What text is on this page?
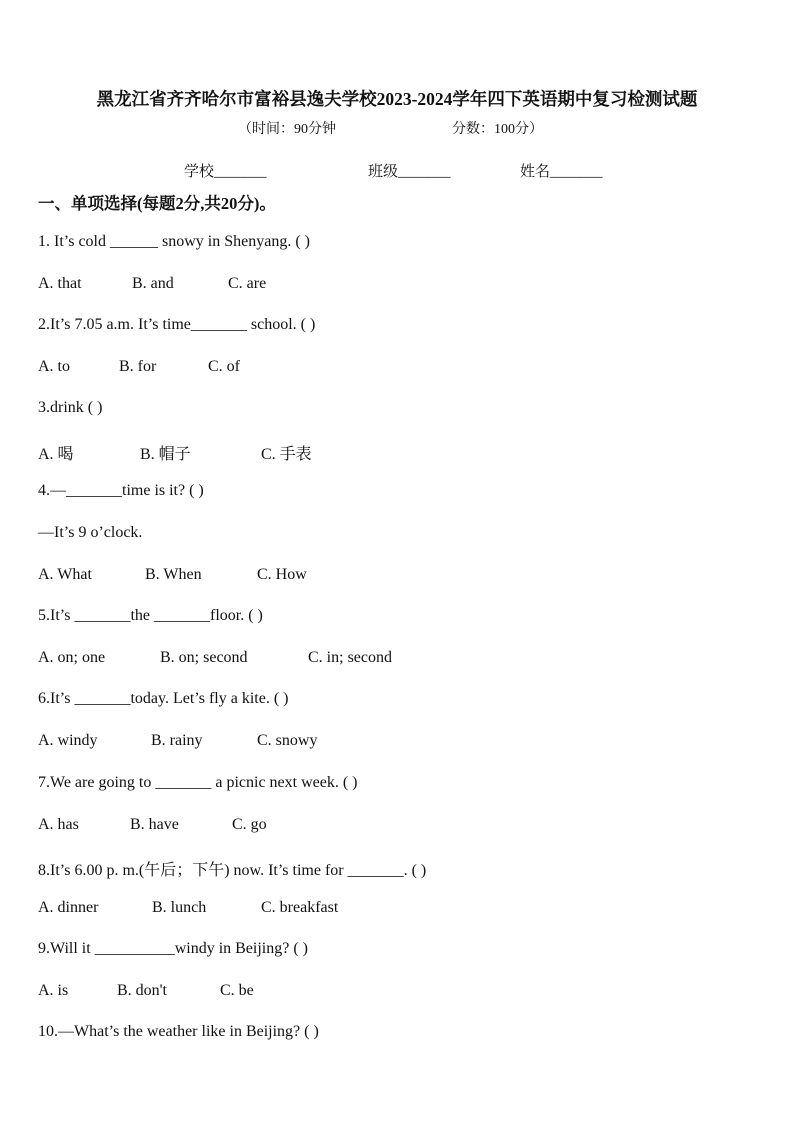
黑龙江省齐齐哈尔市富裕县逸夫学校2023-2024学年四下英语期中复习检测试题
（时间：90分钟	分数：100分）
学校_______	班级_______	姓名_______
一、单项选择(每题2分,共20分)。
1. It’s cold ______ snowy in Shenyang. ( )
A. that	B. and	C. are
2.It’s 7.05 a.m. It’s time_______ school. ( )
A. to	B. for	C. of
3.drink ( )
A. 喝	B. 帽子	C. 手表
4.—_______time is it? ( )
—It’s 9 o’clock.
A. What	B. When	C. How
5.It’s _______the _______floor. ( )
A. on; one	B. on; second	C. in; second
6.It’s _______today. Let’s fly a kite. ( )
A. windy	B. rainy	C. snowy
7.We are going to _______ a picnic next week. ( )
A. has	B. have	C. go
8.It’s 6.00 p. m.(午后；下午) now. It’s time for _______. ( )
A. dinner	B. lunch	C. breakfast
9.Will it __________windy in Beijing? ( )
A. is	B. don't	C. be
10.—What’s the weather like in Beijing? ( )
